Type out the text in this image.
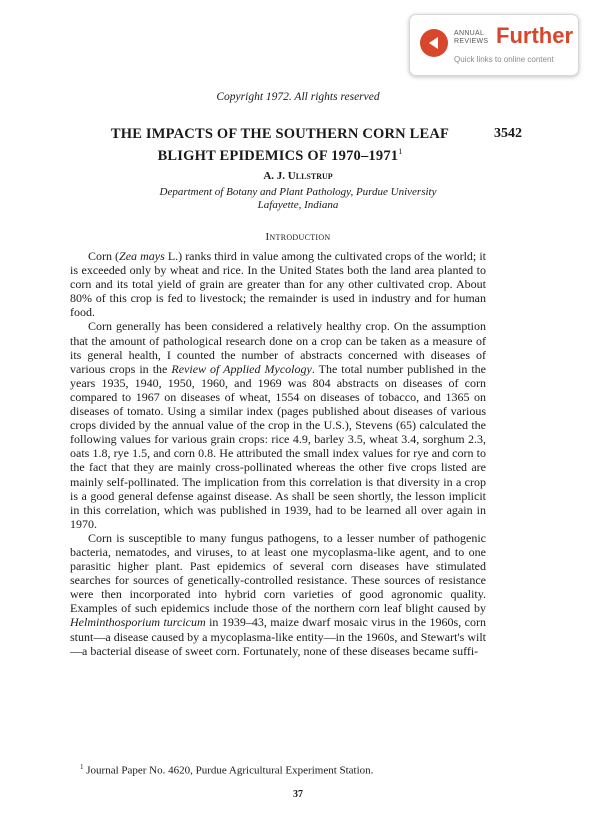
ANNUAL REVIEWS Further
Quick links to online content
Copyright 1972. All rights reserved
THE IMPACTS OF THE SOUTHERN CORN LEAF
BLIGHT EPIDEMICS OF 1970–1971$^1$
3542
A. J. Ullstrup
Department of Botany and Plant Pathology, Purdue University
Lafayette, Indiana
Introduction

Corn (Zea mays L.) ranks third in value among the cultivated crops of the world; it is exceeded only by wheat and rice. In the United States both the land area planted to corn and its total yield of grain are greater than for any other cultivated crop. About 80% of this crop is fed to livestock; the remainder is used in industry and for human food.

Corn generally has been considered a relatively healthy crop. On the assumption that the amount of pathological research done on a crop can be taken as a measure of its general health, I counted the number of abstracts concerned with diseases of various crops in the Review of Applied Mycology. The total number published in the years 1935, 1940, 1950, 1960, and 1969 was 804 abstracts on diseases of corn compared to 1967 on diseases of wheat, 1554 on diseases of tobacco, and 1365 on diseases of tomato. Using a similar index (pages published about diseases of various crops divided by the annual value of the crop in the U.S.), Stevens (65) calculated the following values for various grain crops: rice 4.9, barley 3.5, wheat 3.4, sorghum 2.3, oats 1.8, rye 1.5, and corn 0.8. He attributed the small index values for rye and corn to the fact that they are mainly cross-pollinated whereas the other five crops listed are mainly self-pollinated. The implication from this correlation is that diversity in a crop is a good general defense against disease. As shall be seen shortly, the lesson implicit in this correlation, which was published in 1939, had to be learned all over again in 1970.

Corn is susceptible to many fungus pathogens, to a lesser number of pathogenic bacteria, nematodes, and viruses, to at least one mycoplasma-like agent, and to one parasitic higher plant. Past epidemics of several corn diseases have stimulated searches for sources of genetically-controlled resistance. These sources of resistance were then incorporated into hybrid corn varieties of good agronomic quality. Examples of such epidemics include those of the northern corn leaf blight caused by Helminthosporium turcicum in 1939–43, maize dwarf mosaic virus in the 1960s, corn stunt—a disease caused by a mycoplasma-like entity—in the 1960s, and Stewart's wilt—a bacterial disease of sweet corn. Fortunately, none of these diseases became suffi-

$^1$ Journal Paper No. 4620, Purdue Agricultural Experiment Station.
37
